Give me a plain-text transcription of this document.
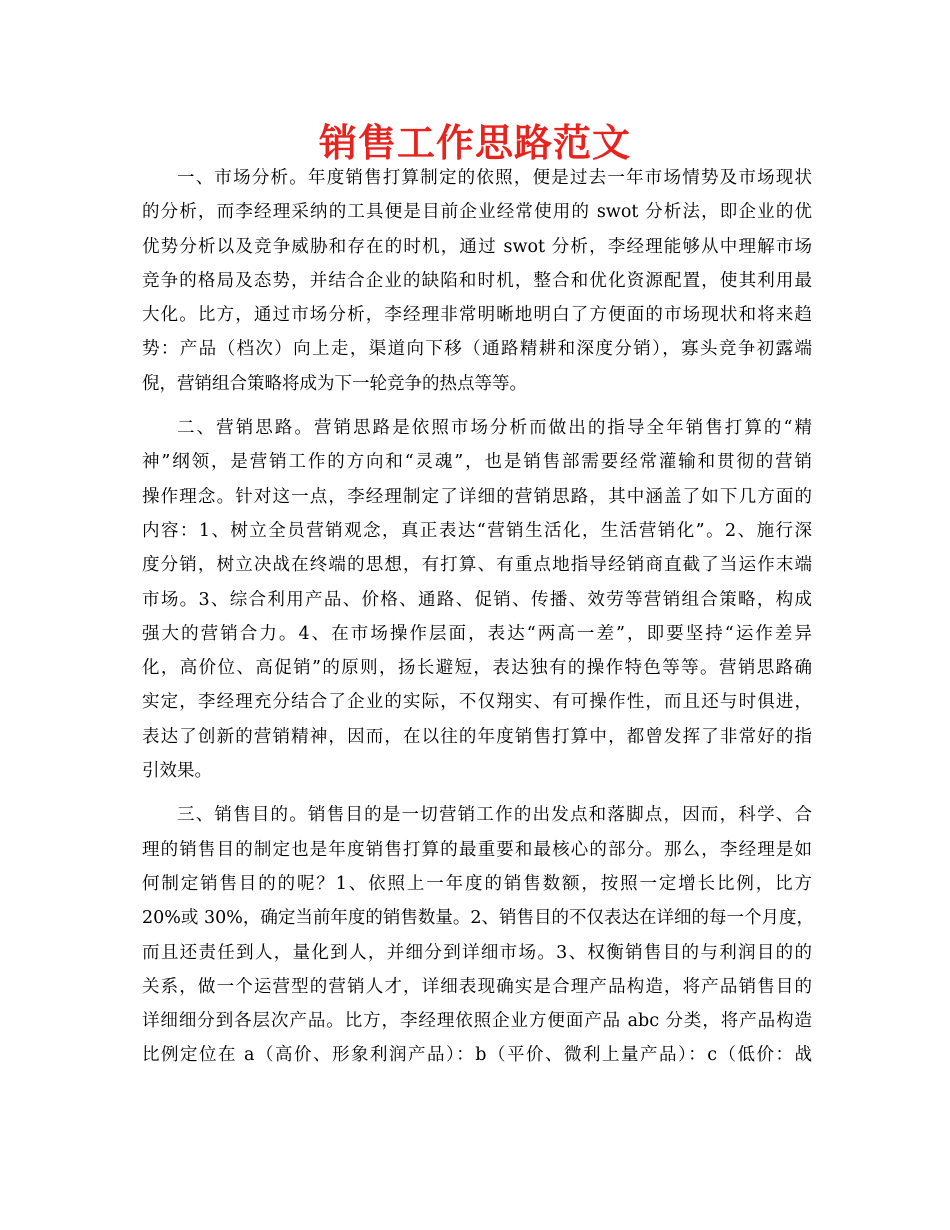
销售工作思路范文
一、市场分析。年度销售打算制定的依照，便是过去一年市场情势及市场现状
的分析，而李经理采纳的工具便是目前企业经常使用的 swot 分析法，即企业的优
优势分析以及竞争威胁和存在的时机，通过 swot 分析，李经理能够从中理解市场
竞争的格局及态势，并结合企业的缺陷和时机，整合和优化资源配置，使其利用最
大化。比方，通过市场分析，李经理非常明晰地明白了方便面的市场现状和将来趋
势：产品（档次）向上走，渠道向下移（通路精耕和深度分销），寡头竞争初露端
倪，营销组合策略将成为下一轮竞争的热点等等。
二、营销思路。营销思路是依照市场分析而做出的指导全年销售打算的“精
神”纲领，是营销工作的方向和“灵魂”，也是销售部需要经常灌输和贯彻的营销
操作理念。针对这一点，李经理制定了详细的营销思路，其中涵盖了如下几方面的
内容：1、树立全员营销观念，真正表达“营销生活化，生活营销化”。2、施行深
度分销，树立决战在终端的思想，有打算、有重点地指导经销商直截了当运作末端
市场。3、综合利用产品、价格、通路、促销、传播、效劳等营销组合策略，构成
强大的营销合力。4、在市场操作层面，表达“两高一差”，即要坚持“运作差异
化，高价位、高促销”的原则，扬长避短，表达独有的操作特色等等。营销思路确
实定，李经理充分结合了企业的实际，不仅翔实、有可操作性，而且还与时俱进，
表达了创新的营销精神，因而，在以往的年度销售打算中，都曾发挥了非常好的指
引效果。
三、销售目的。销售目的是一切营销工作的出发点和落脚点，因而，科学、合
理的销售目的制定也是年度销售打算的最重要和最核心的部分。那么，李经理是如
何制定销售目的的呢？1、依照上一年度的销售数额，按照一定增长比例，比方
20%或 30%，确定当前年度的销售数量。2、销售目的不仅表达在详细的每一个月度，
而且还责任到人，量化到人，并细分到详细市场。3、权衡销售目的与利润目的的
关系，做一个运营型的营销人才，详细表现确实是合理产品构造，将产品销售目的
详细细分到各层次产品。比方，李经理依照企业方便面产品 abc 分类，将产品构造
比例定位在 a（高价、形象利润产品）：b（平价、微利上量产品）：c（低价：战
